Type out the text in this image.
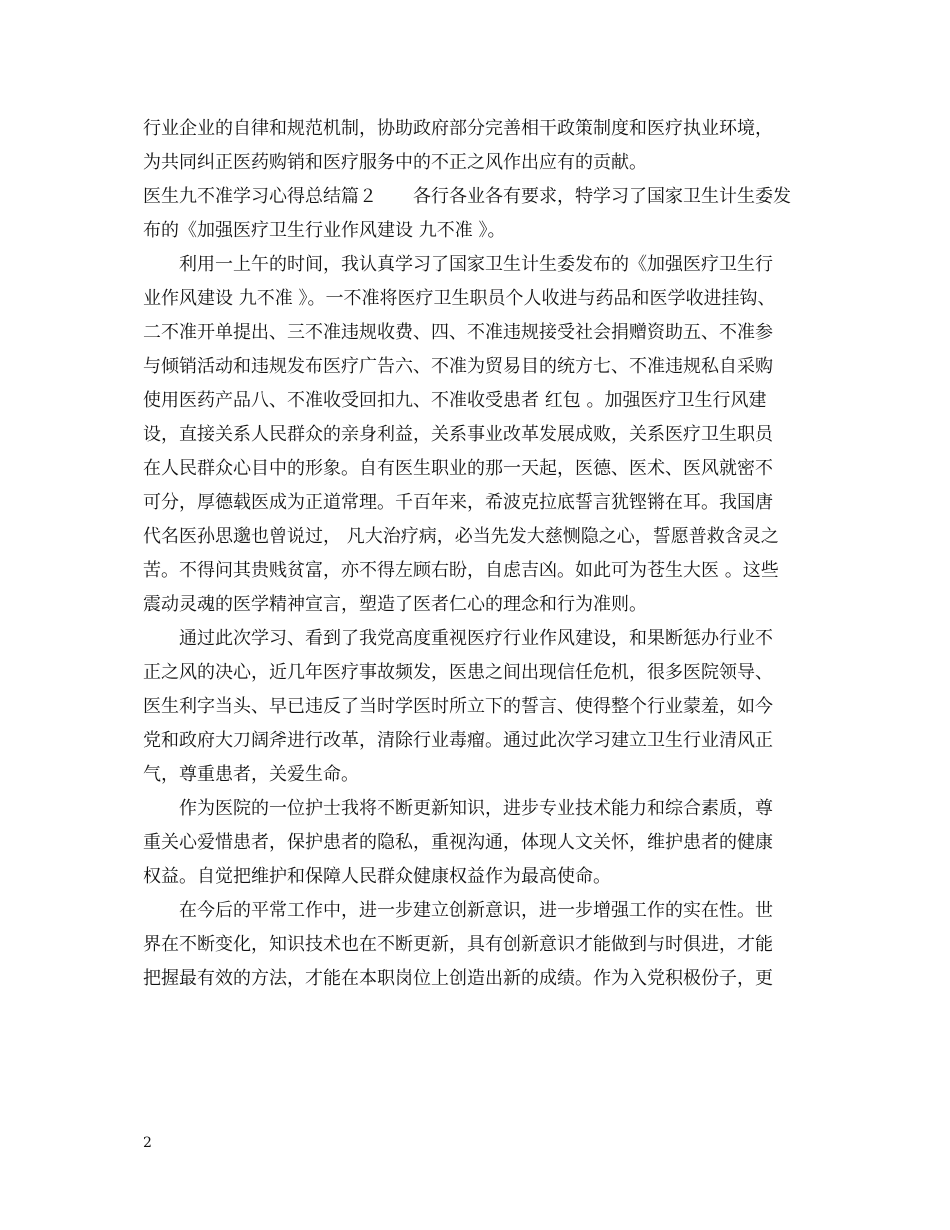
行业企业的自律和规范机制，协助政府部分完善相干政策制度和医疗执业环境，
为共同纠正医药购销和医疗服务中的不正之风作出应有的贡献。
医生九不准学习心得总结篇２　　各行各业各有要求，特学习了国家卫生计生委发
布的《加强医疗卫生行业作风建设 九不准 》。
利用一上午的时间，我认真学习了国家卫生计生委发布的《加强医疗卫生行
业作风建设 九不准 》。一不准将医疗卫生职员个人收进与药品和医学收进挂钩、
二不准开单提出、三不准违规收费、四、不准违规接受社会捐赠资助五、不准参
与倾销活动和违规发布医疗广告六、不准为贸易目的统方七、不准违规私自采购
使用医药产品八、不准收受回扣九、不准收受患者 红包 。加强医疗卫生行风建
设，直接关系人民群众的亲身利益，关系事业改革发展成败，关系医疗卫生职员
在人民群众心目中的形象。自有医生职业的那一天起，医德、医术、医风就密不
可分，厚德载医成为正道常理。千百年来，希波克拉底誓言犹铿锵在耳。我国唐
代名医孙思邈也曾说过， 凡大治疗病，必当先发大慈恻隐之心，誓愿普救含灵之
苦。不得问其贵贱贫富，亦不得左顾右盼，自虑吉凶。如此可为苍生大医 。这些
震动灵魂的医学精神宣言，塑造了医者仁心的理念和行为准则。
通过此次学习、看到了我党高度重视医疗行业作风建设，和果断惩办行业不
正之风的决心，近几年医疗事故频发，医患之间出现信任危机，很多医院领导、
医生利字当头、早已违反了当时学医时所立下的誓言、使得整个行业蒙羞，如今
党和政府大刀阔斧进行改革，清除行业毒瘤。通过此次学习建立卫生行业清风正
气，尊重患者，关爱生命。
作为医院的一位护士我将不断更新知识，进步专业技术能力和综合素质，尊
重关心爱惜患者，保护患者的隐私，重视沟通，体现人文关怀，维护患者的健康
权益。自觉把维护和保障人民群众健康权益作为最高使命。
在今后的平常工作中，进一步建立创新意识，进一步增强工作的实在性。世
界在不断变化，知识技术也在不断更新，具有创新意识才能做到与时俱进，才能
把握最有效的方法，才能在本职岗位上创造出新的成绩。作为入党积极份子，更
2
